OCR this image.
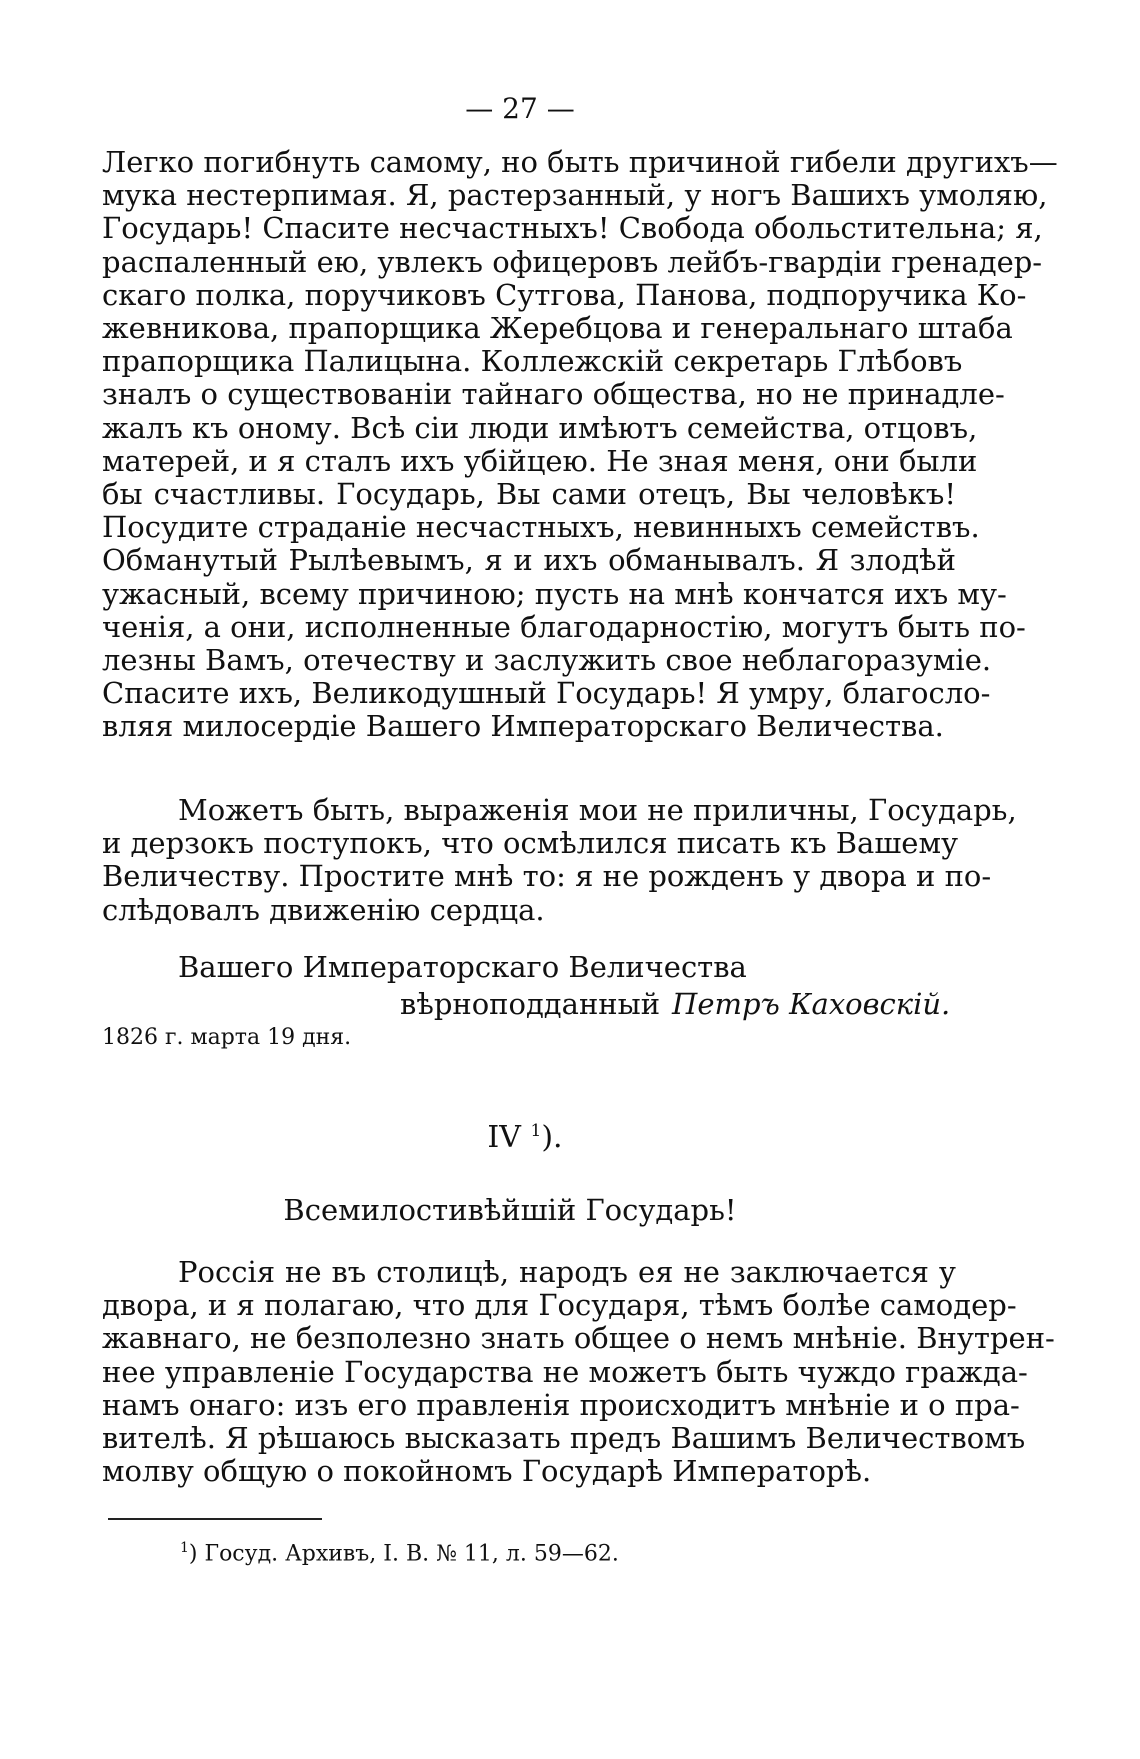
— 27 —
Легко погибнуть самому, но быть причиной гибели другихъ—
мука нестерпимая. Я, растерзанный, у ногъ Вашихъ умоляю,
Государь! Спасите несчастныхъ! Свобода обольстительна; я,
распаленный ею, увлекъ офицеровъ лейбъ-гвардіи гренадер-
скаго полка, поручиковъ Сутгова, Панова, подпоручика Ко-
жевникова, прапорщика Жеребцова и генеральнаго штаба
прапорщика Палицына. Коллежскій секретарь Глѣбовъ
зналъ о существованіи тайнаго общества, но не принадле-
жалъ къ оному. Всѣ сіи люди имѣютъ семейства, отцовъ,
матерей, и я сталъ ихъ убійцею. Не зная меня, они были
бы счастливы. Государь, Вы сами отецъ, Вы человѣкъ!
Посудите страданіе несчастныхъ, невинныхъ семействъ.
Обманутый Рылѣевымъ, я и ихъ обманывалъ. Я злодѣй
ужасный, всему причиною; пусть на мнѣ кончатся ихъ му-
ченія, а они, исполненные благодарностію, могутъ быть по-
лезны Вамъ, отечеству и заслужить свое неблагоразуміе.
Спасите ихъ, Великодушный Государь! Я умру, благосло-
вляя милосердіе Вашего Императорскаго Величества.
Можетъ быть, выраженія мои не приличны, Государь,
и дерзокъ поступокъ, что осмѣлился писать къ Вашему
Величеству. Простите мнѣ то: я не рожденъ у двора и по-
слѣдовалъ движенію сердца.
Вашего Императорскаго Величества
вѣрноподданный Петръ Каховскій.
1826 г. марта 19 дня.
IV $^1$).
Всемилостивѣйшій Государь!
Россія не въ столицѣ, народъ ея не заключается у
двора, и я полагаю, что для Государя, тѣмъ болѣе самодер-
жавнаго, не безполезно знать общее о немъ мнѣніе. Внутрен-
нее управленіе Государства не можетъ быть чуждо гражда-
намъ онаго: изъ его правленія происходитъ мнѣніе и о пра-
вителѣ. Я рѣшаюсь высказать предъ Вашимъ Величествомъ
молву общую о покойномъ Государѣ Императорѣ.
$^1$) Госуд. Архивъ, I. В. № 11, л. 59—62.
